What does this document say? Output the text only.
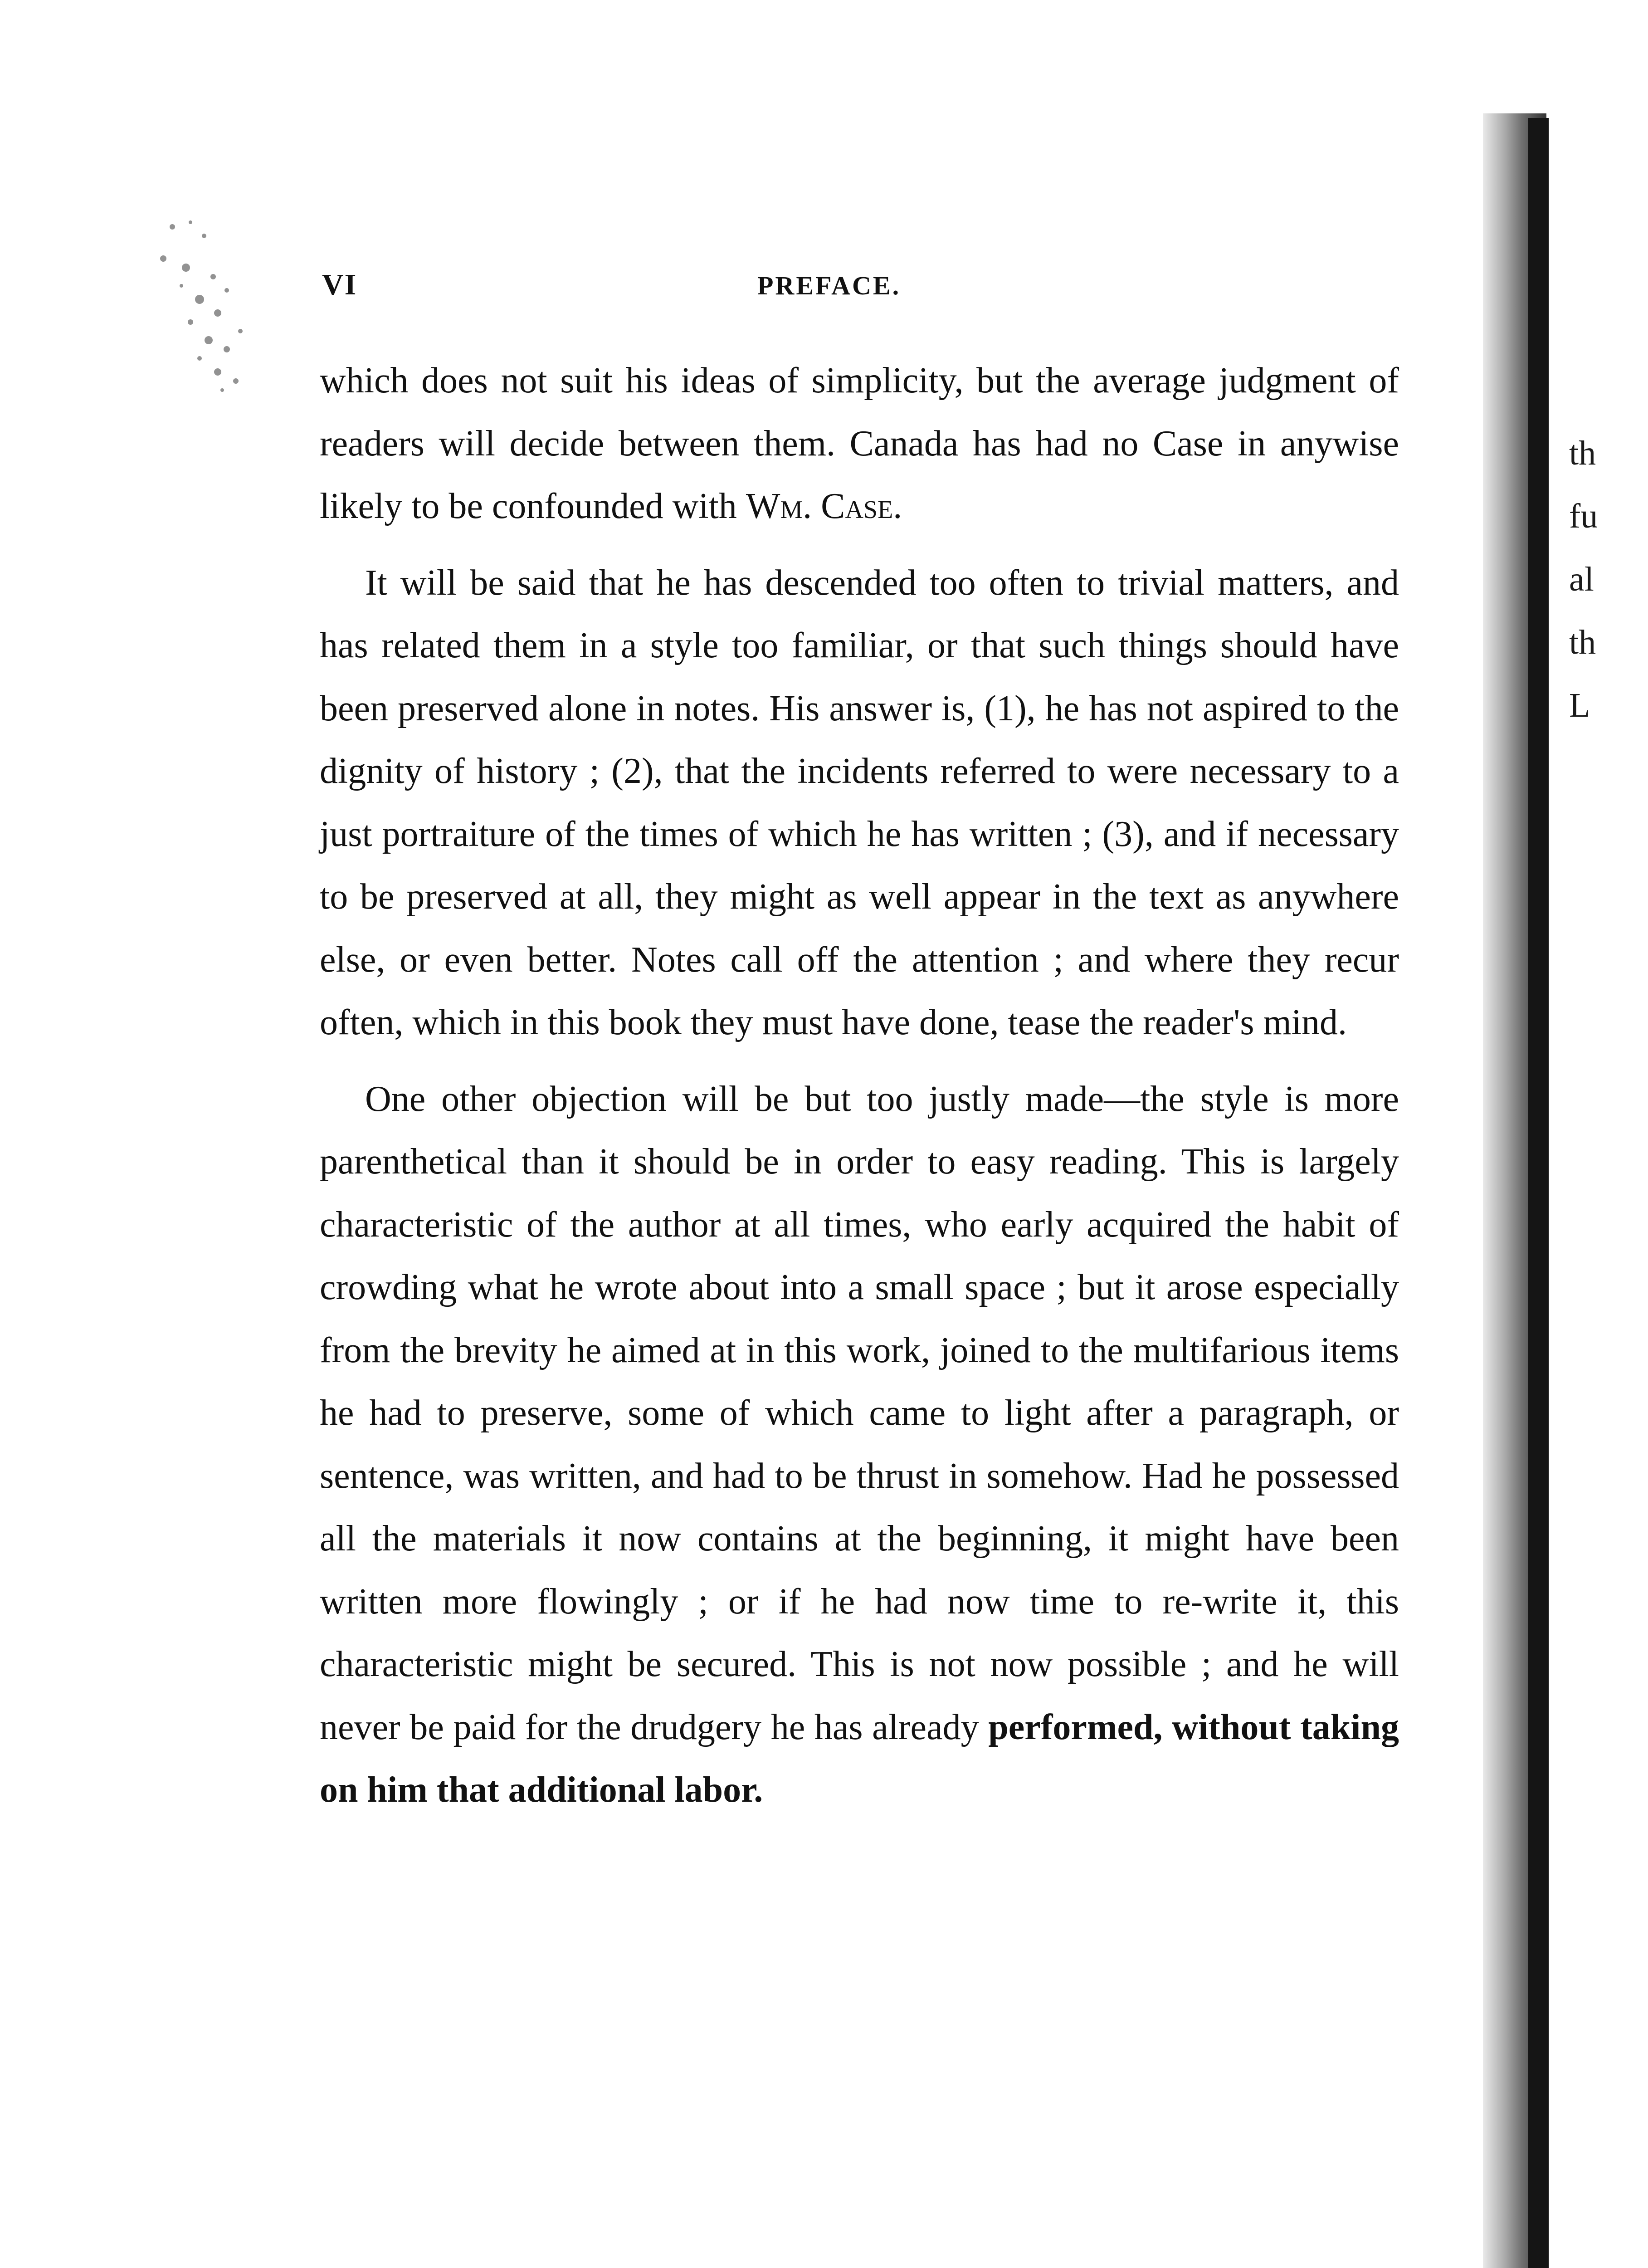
VI	PREFACE.

which does not suit his ideas of simplicity, but the average judgment of readers will decide between them. Canada has had no Case in anywise likely to be confounded with Wm. Case.

It will be said that he has descended too often to trivial matters, and has related them in a style too familiar, or that such things should have been preserved alone in notes. His answer is, (1), he has not aspired to the dignity of history ; (2), that the incidents referred to were necessary to a just portraiture of the times of which he has written ; (3), and if necessary to be preserved at all, they might as well appear in the text as anywhere else, or even better. Notes call off the attention ; and where they recur often, which in this book they must have done, tease the reader's mind.

One other objection will be but too justly made—the style is more parenthetical than it should be in order to easy reading. This is largely characteristic of the author at all times, who early acquired the habit of crowding what he wrote about into a small space ; but it arose especially from the brevity he aimed at in this work, joined to the multifarious items he had to preserve, some of which came to light after a paragraph, or sentence, was written, and had to be thrust in somehow. Had he possessed all the materials it now contains at the beginning, it might have been written more flowingly ; or if he had now time to re-write it, this characteristic might be secured. This is not now possible ; and he will never be paid for the drudgery he has already performed, without taking on him that additional labor.

th
fu
al
th
L
